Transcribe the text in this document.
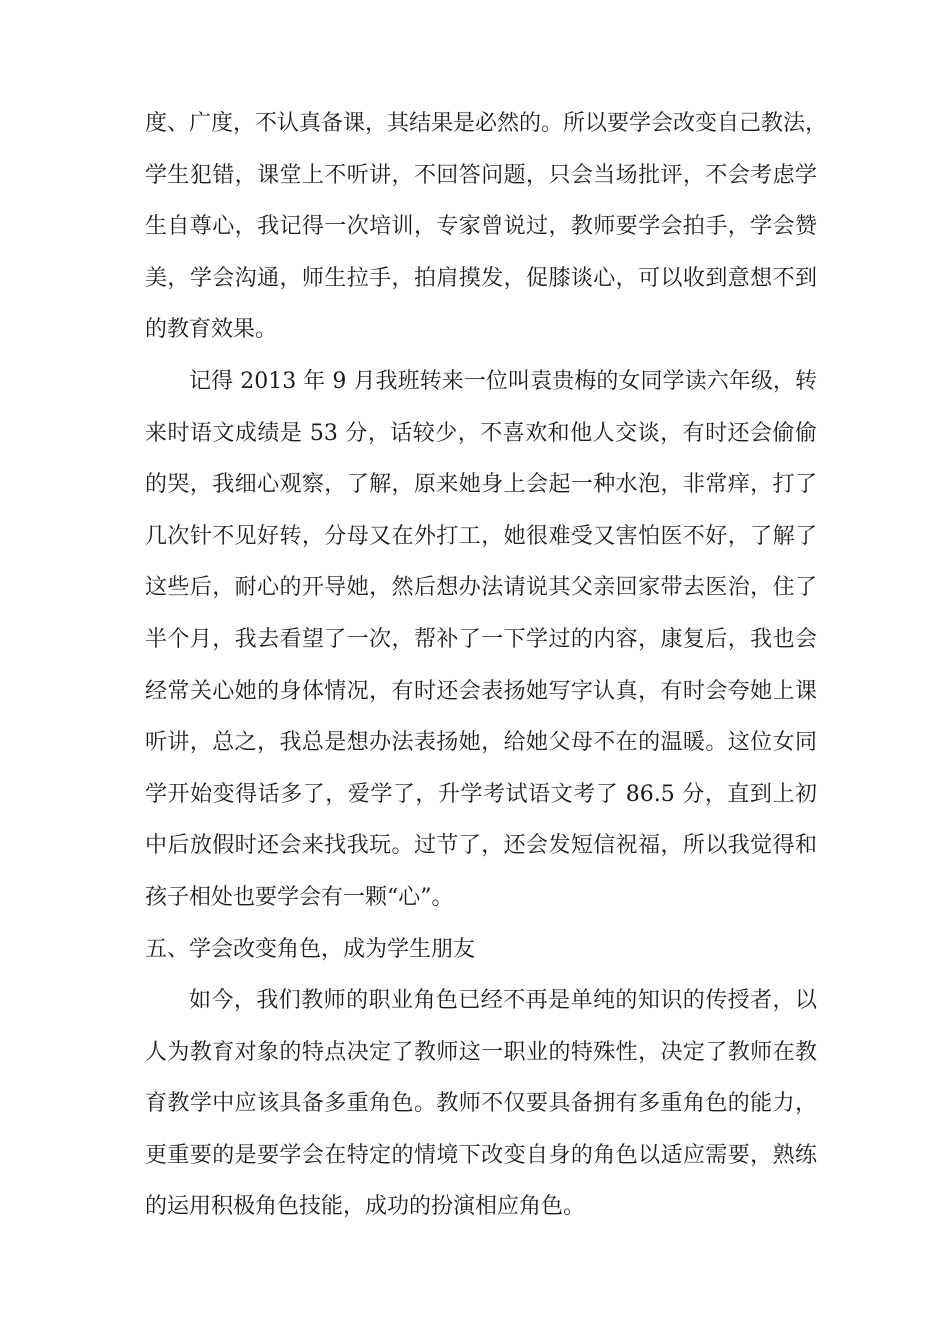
度、广度，不认真备课，其结果是必然的。所以要学会改变自己教法，
学生犯错，课堂上不听讲，不回答问题，只会当场批评，不会考虑学
生自尊心，我记得一次培训，专家曾说过，教师要学会拍手，学会赞
美，学会沟通，师生拉手，拍肩摸发，促膝谈心，可以收到意想不到
的教育效果。
记得 2013 年 9 月我班转来一位叫袁贵梅的女同学读六年级，转
来时语文成绩是 53 分，话较少，不喜欢和他人交谈，有时还会偷偷
的哭，我细心观察，了解，原来她身上会起一种水泡，非常痒，打了
几次针不见好转，分母又在外打工，她很难受又害怕医不好，了解了
这些后，耐心的开导她，然后想办法请说其父亲回家带去医治，住了
半个月，我去看望了一次，帮补了一下学过的内容，康复后，我也会
经常关心她的身体情况，有时还会表扬她写字认真，有时会夸她上课
听讲，总之，我总是想办法表扬她，给她父母不在的温暖。这位女同
学开始变得话多了，爱学了，升学考试语文考了 86.5 分，直到上初
中后放假时还会来找我玩。过节了，还会发短信祝福，所以我觉得和
孩子相处也要学会有一颗“心”。
五、学会改变角色，成为学生朋友
如今，我们教师的职业角色已经不再是单纯的知识的传授者，以
人为教育对象的特点决定了教师这一职业的特殊性，决定了教师在教
育教学中应该具备多重角色。教师不仅要具备拥有多重角色的能力，
更重要的是要学会在特定的情境下改变自身的角色以适应需要，熟练
的运用积极角色技能，成功的扮演相应角色。
